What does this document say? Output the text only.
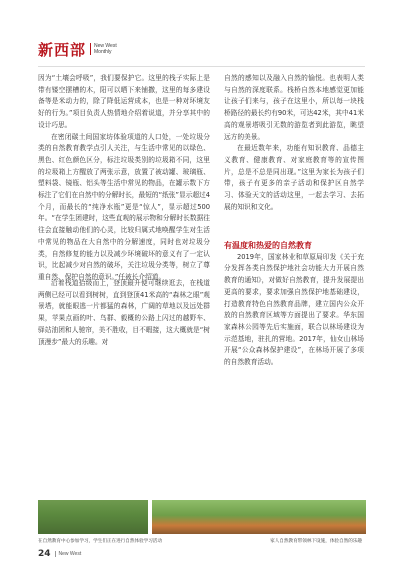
新西部 New West
Monthly

因为“土壤会呼吸”，我们要保护它。这里的栈子实际上是带有镂空摆槽的木，阳可以晒下来铺撒，这里的每多建设备等是米动力的，除了降低运营成本，也是一种对环境友好的行为。”项目负责人热情地介绍着说道，并分享其中的设计巧思。

在密闭碳土间国家坊体验项道的人口处，一处垃圾分类的自然教育教学点引人关注，与生活中常见的以绿色、黑色、红色颜色区分，标注垃圾类别的垃圾箱不同，这里的垃圾箱上方醒放了两张示意，放置了被动罐、玻璃瓶、塑料袋、镜瓶、铝头等生活中常见的物品，在罐示数下方标注了它们在自然中的分解时长，最短的“纸张”显示超过4个月，而最长的“纯净水瓶”更是“惊人”，显示超过500年。“在学生团建时，这些直观的展示物和分解时长数据往往会直接触动他们的心灵，比较归属式地唤醒学生对生活中常见的物品在大自然中的分解速度，同时也对垃圾分类，自然修复的能力以及减少环境破坏的意义有了一定认识，比起减少对自然的破坏，关注垃圾分类等，树立了尊重自然、保护自然的意识。”任被长介绍道。

沿着栈道拾级而上，登顶最升便可继续逛去，在栈道两侧已经可以看到树树，直到登顶41米高的“森林之眼”观景塔，就能眼逃一片都猛的森林，广阔的草地以及远处群果，苹果点画的叶、鸟群、毅概的公路上闪过的越野车、驿站油团和人驰帘，美不胜收，目不暇接，这大概就是“树顶漫步”最大的乐趣。对

自然的感知以及融入自然的愉悦。也表明人类与自然的深度联系。栈桥自然本地感觉更加能让孩子们来与，孩子在这里小，所以每一块栈桥路径的最长约有90米，可达42米，其中41米高的观景塔吸引无数的游览者到此游览，眺望远方的美景。

在最近数年来，功能有知识教育、品德主义教育、健康教育、对家庭教育等的宣传图片，总是不总是同出现。”这里为家长为孩子们带，孩子有更多的亲子活动和保护区自然学习、体验天文的活动这里，一起去学习、去拓展的知识和文化。

有温度和热爱的自然教育

2019年，国家林业和草原局印发《关于充分发挥各类自然保护地社会功能大力开展自然教育的通知》，对做好自然教育，提升发展提出更高的要求，要求加强自然保护地基础建设，打造教育特色自然教育品牌，建立国内公众开放的自然教育区域等方面提出了要求。华东国家森林公园等先后实施面，联合以林场建设为示范基地，驻扎的营地。2017年，仙女山林场开展“公众森林保护建设”，在林场开展了多项的自然教育活动。

在自然教育中心参加学习，学生们正在进行自然体验学习活动	家人自然教育带领林下设施，体验自然的乐趣
24	New West
